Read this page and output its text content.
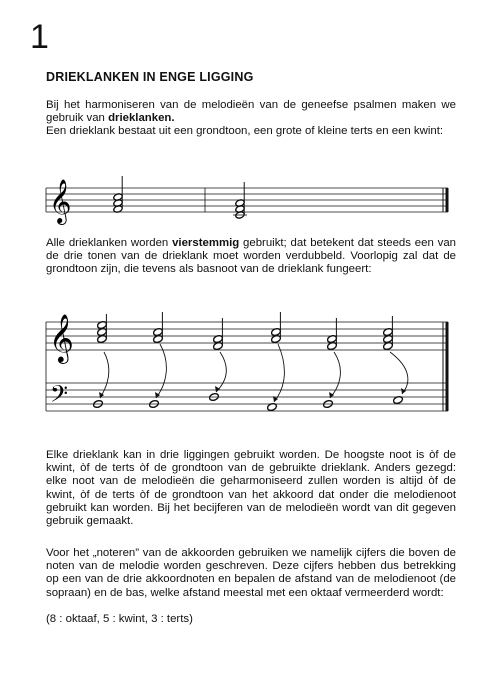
1
DRIEKLANKEN IN ENGE LIGGING
Bij het harmoniseren van de melodieën van de geneefse psalmen maken we gebruik van drieklanken.
Een drieklank bestaat uit een grondtoon, een grote of kleine terts en een kwint:
𝄞
Alle drieklanken worden vierstemmig gebruikt; dat betekent dat steeds een van de drie tonen van de drieklank moet worden verdubbeld. Voorlopig zal dat de grondtoon zijn, die tevens als basnoot van de drieklank fungeert:
𝄞
𝄢
Elke drieklank kan in drie liggingen gebruikt worden. De hoogste noot is òf de kwint, òf de terts òf de grondtoon van de gebruikte drieklank. Anders gezegd: elke noot van de melodieën die geharmoniseerd zullen worden is altijd òf de kwint, òf de terts òf de grondtoon van het akkoord dat onder die melodienoot gebruikt kan worden. Bij het becijferen van de melodieën wordt van dit gegeven gebruik gemaakt.
Voor het „noteren” van de akkoorden gebruiken we namelijk cijfers die boven de noten van de melodie worden geschreven. Deze cijfers hebben dus betrekking op een van de drie akkoordnoten en bepalen de afstand van de melodienoot (de sopraan) en de bas, welke afstand meestal met een oktaaf vermeerderd wordt:
(8 : oktaaf, 5 : kwint, 3 : terts)
